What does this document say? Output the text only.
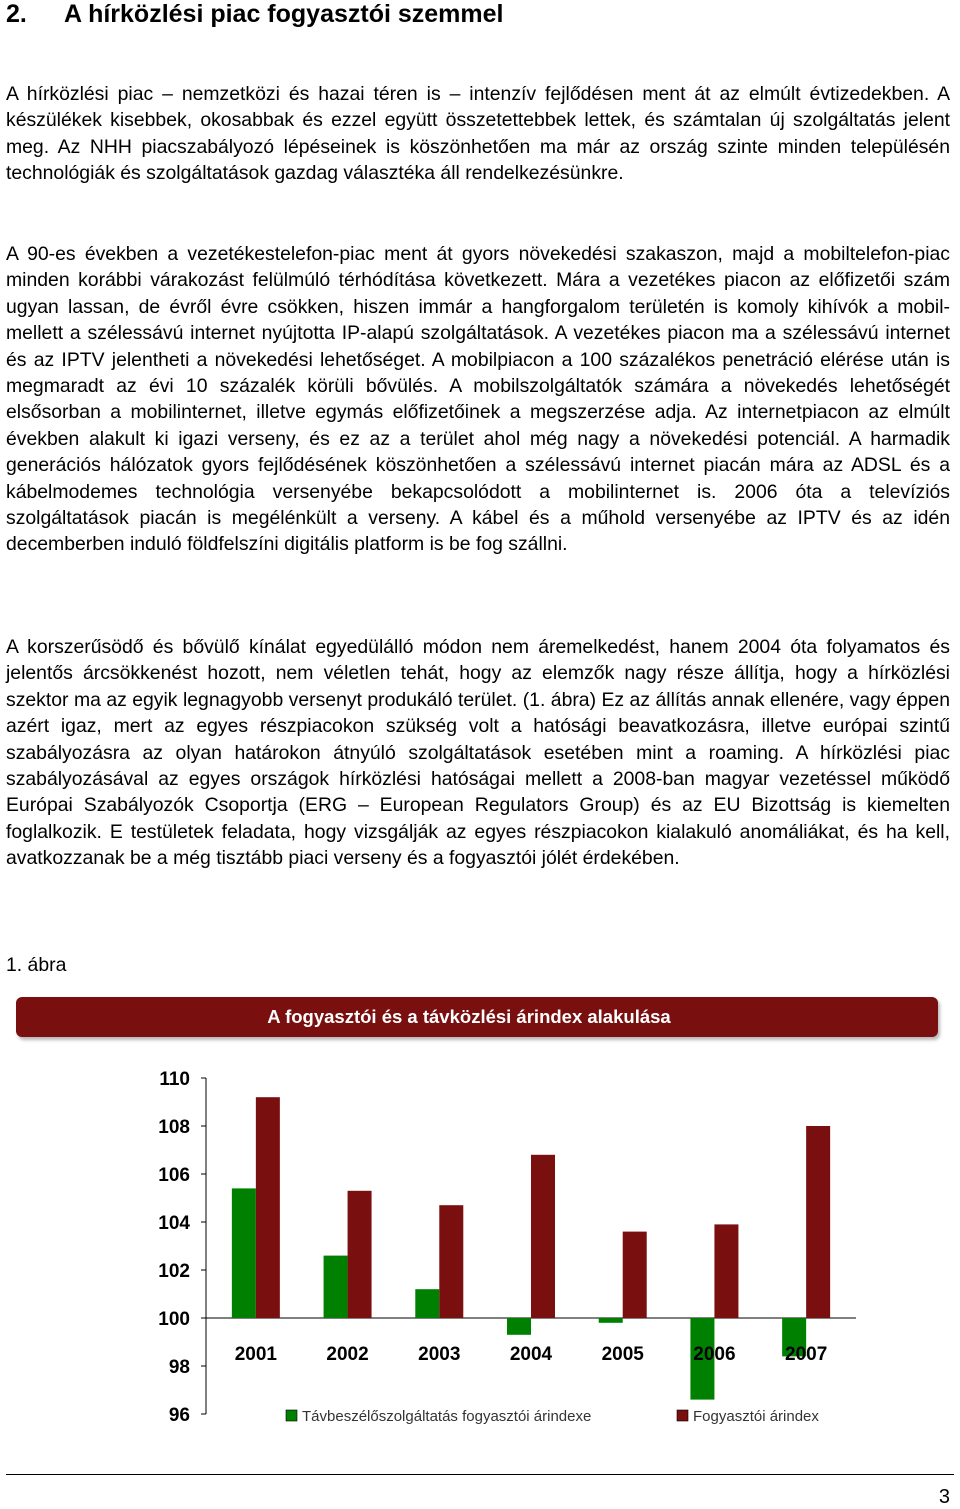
2. A hírközlési piac fogyasztói szemmel

A hírközlési piac – nemzetközi és hazai téren is – intenzív fejlődésen ment át az elmúlt évtizedekben. A készülékek kisebbek, okosabbak és ezzel együtt összetettebbek lettek, és számtalan új szolgáltatás jelent meg. Az NHH piacszabályozó lépéseinek is köszönhetően ma már az ország szinte minden településén technológiák és szolgáltatások gazdag választéka áll rendelkezésünkre.

A 90-es években a vezetékestelefon-piac ment át gyors növekedési szakaszon, majd a mobiltelefon-piac minden korábbi várakozást felülmúló térhódítása következett. Mára a vezetékes piacon az előfizetői szám ugyan lassan, de évről évre csökken, hiszen immár a hangforgalom területén is komoly kihívók a mobil- mellett a szélessávú internet nyújtotta IP-alapú szolgáltatások. A vezetékes piacon ma a szélessávú internet és az IPTV jelentheti a növekedési lehetőséget. A mobilpiacon a 100 százalékos penetráció elérése után is megmaradt az évi 10 százalék körüli bővülés. A mobilszolgáltatók számára a növekedés lehetőségét elsősorban a mobilinternet, illetve egymás előfizetőinek a megszerzése adja. Az internetpiacon az elmúlt években alakult ki igazi verseny, és ez az a terület ahol még nagy a növekedési potenciál. A harmadik generációs hálózatok gyors fejlődésének köszönhetően a szélessávú internet piacán mára az ADSL és a kábelmodemes technológia versenyébe bekapcsolódott a mobilinternet is. 2006 óta a televíziós szolgáltatások piacán is megélénkült a verseny. A kábel és a műhold versenyébe az IPTV és az idén decemberben induló földfelszíni digitális platform is be fog szállni.

A korszerűsödő és bővülő kínálat egyedülálló módon nem áremelkedést, hanem 2004 óta folyamatos és jelentős árcsökkenést hozott, nem véletlen tehát, hogy az elemzők nagy része állítja, hogy a hírközlési szektor ma az egyik legnagyobb versenyt produkáló terület. (1. ábra) Ez az állítás annak ellenére, vagy éppen azért igaz, mert az egyes részpiacokon szükség volt a hatósági beavatkozásra, illetve európai szintű szabályozásra az olyan határokon átnyúló szolgáltatások esetében mint a roaming. A hírközlési piac szabályozásával az egyes országok hírközlési hatóságai mellett a 2008-ban magyar vezetéssel működő Európai Szabályozók Csoportja (ERG – European Regulators Group) és az EU Bizottság is kiemelten foglalkozik. E testületek feladata, hogy vizsgálják az egyes részpiacokon kialakuló anomáliákat, és ha kell, avatkozzanak be a még tisztább piaci verseny és a fogyasztói jólét érdekében.

1. ábra

A fogyasztói és a távközlési árindex alakulása
110
108
106
104
102
100
98
96
2001	2002	2003	2004	2005	2006	2007
Távbeszélőszolgáltatás fogyasztói árindexe	Fogyasztói árindex
3
